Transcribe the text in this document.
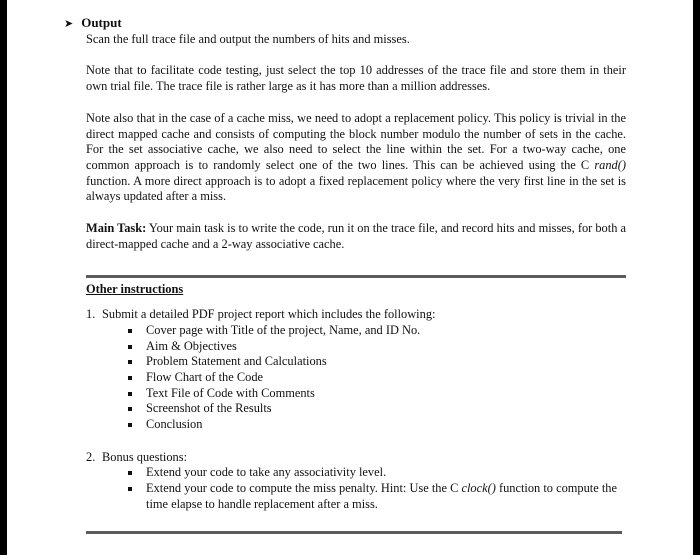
➤ Output

Scan the full trace file and output the numbers of hits and misses.

Note that to facilitate code testing, just select the top 10 addresses of the trace file and store them in their own trial file. The trace file is rather large as it has more than a million addresses.

Note also that in the case of a cache miss, we need to adopt a replacement policy. This policy is trivial in the direct mapped cache and consists of computing the block number modulo the number of sets in the cache. For the set associative cache, we also need to select the line within the set. For a two-way cache, one common approach is to randomly select one of the two lines. This can be achieved using the C rand() function. A more direct approach is to adopt a fixed replacement policy where the very first line in the set is always updated after a miss.

Main Task: Your main task is to write the code, run it on the trace file, and record hits and misses, for both a direct-mapped cache and a 2-way associative cache.

Other instructions
1. Submit a detailed PDF project report which includes the following:
Cover page with Title of the project, Name, and ID No.
Aim & Objectives
Problem Statement and Calculations
Flow Chart of the Code
Text File of Code with Comments
Screenshot of the Results
Conclusion
2. Bonus questions:
Extend your code to take any associativity level.
Extend your code to compute the miss penalty. Hint: Use the C clock() function to compute the time elapse to handle replacement after a miss.
